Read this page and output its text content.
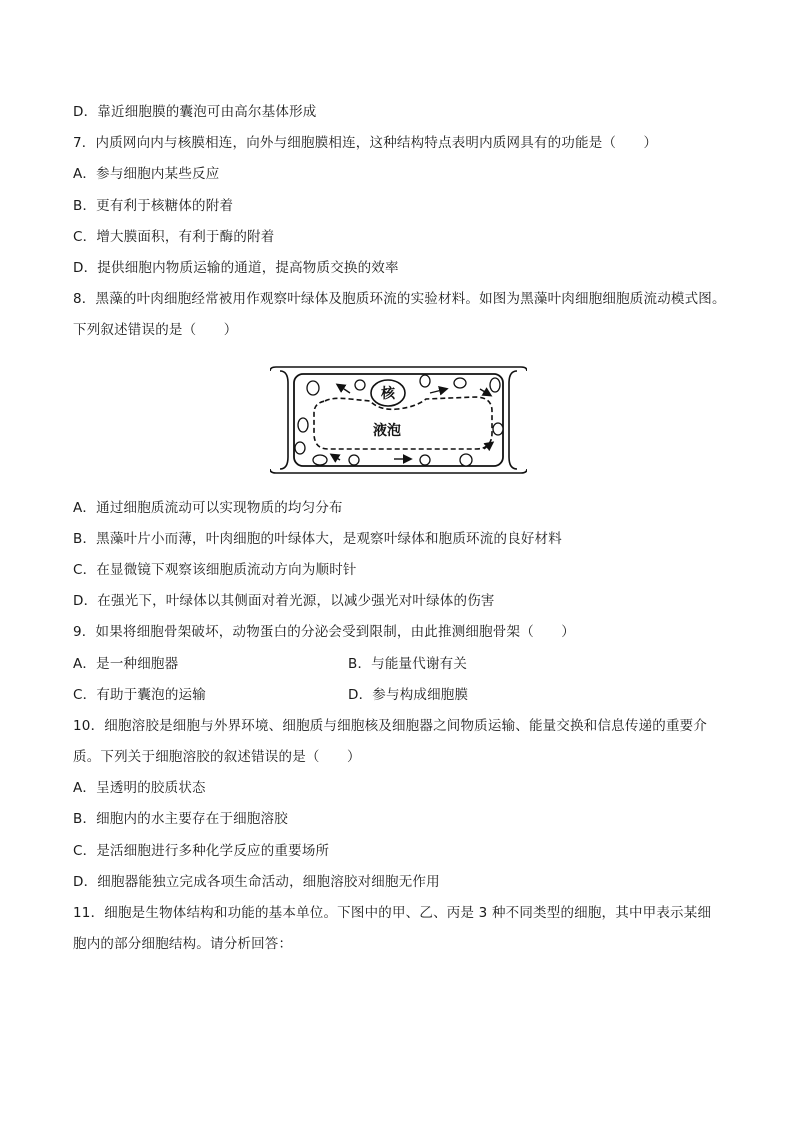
D．靠近细胞膜的囊泡可由高尔基体形成
7．内质网向内与核膜相连，向外与细胞膜相连，这种结构特点表明内质网具有的功能是（　　）
A．参与细胞内某些反应
B．更有利于核糖体的附着
C．增大膜面积，有利于酶的附着
D．提供细胞内物质运输的通道，提高物质交换的效率
8．黑藻的叶肉细胞经常被用作观察叶绿体及胞质环流的实验材料。如图为黑藻叶肉细胞细胞质流动模式图。
下列叙述错误的是（　　）
核
液泡
A．通过细胞质流动可以实现物质的均匀分布
B．黑藻叶片小而薄，叶肉细胞的叶绿体大，是观察叶绿体和胞质环流的良好材料
C．在显微镜下观察该细胞质流动方向为顺时针
D．在强光下，叶绿体以其侧面对着光源，以减少强光对叶绿体的伤害
9．如果将细胞骨架破坏，动物蛋白的分泌会受到限制，由此推测细胞骨架（　　）
A．是一种细胞器	B．与能量代谢有关
C．有助于囊泡的运输	D．参与构成细胞膜
10．细胞溶胶是细胞与外界环境、细胞质与细胞核及细胞器之间物质运输、能量交换和信息传递的重要介
质。下列关于细胞溶胶的叙述错误的是（　　）
A．呈透明的胶质状态
B．细胞内的水主要存在于细胞溶胶
C．是活细胞进行多种化学反应的重要场所
D．细胞器能独立完成各项生命活动，细胞溶胶对细胞无作用
11．细胞是生物体结构和功能的基本单位。下图中的甲、乙、丙是 3 种不同类型的细胞，其中甲表示某细
胞内的部分细胞结构。请分析回答：
